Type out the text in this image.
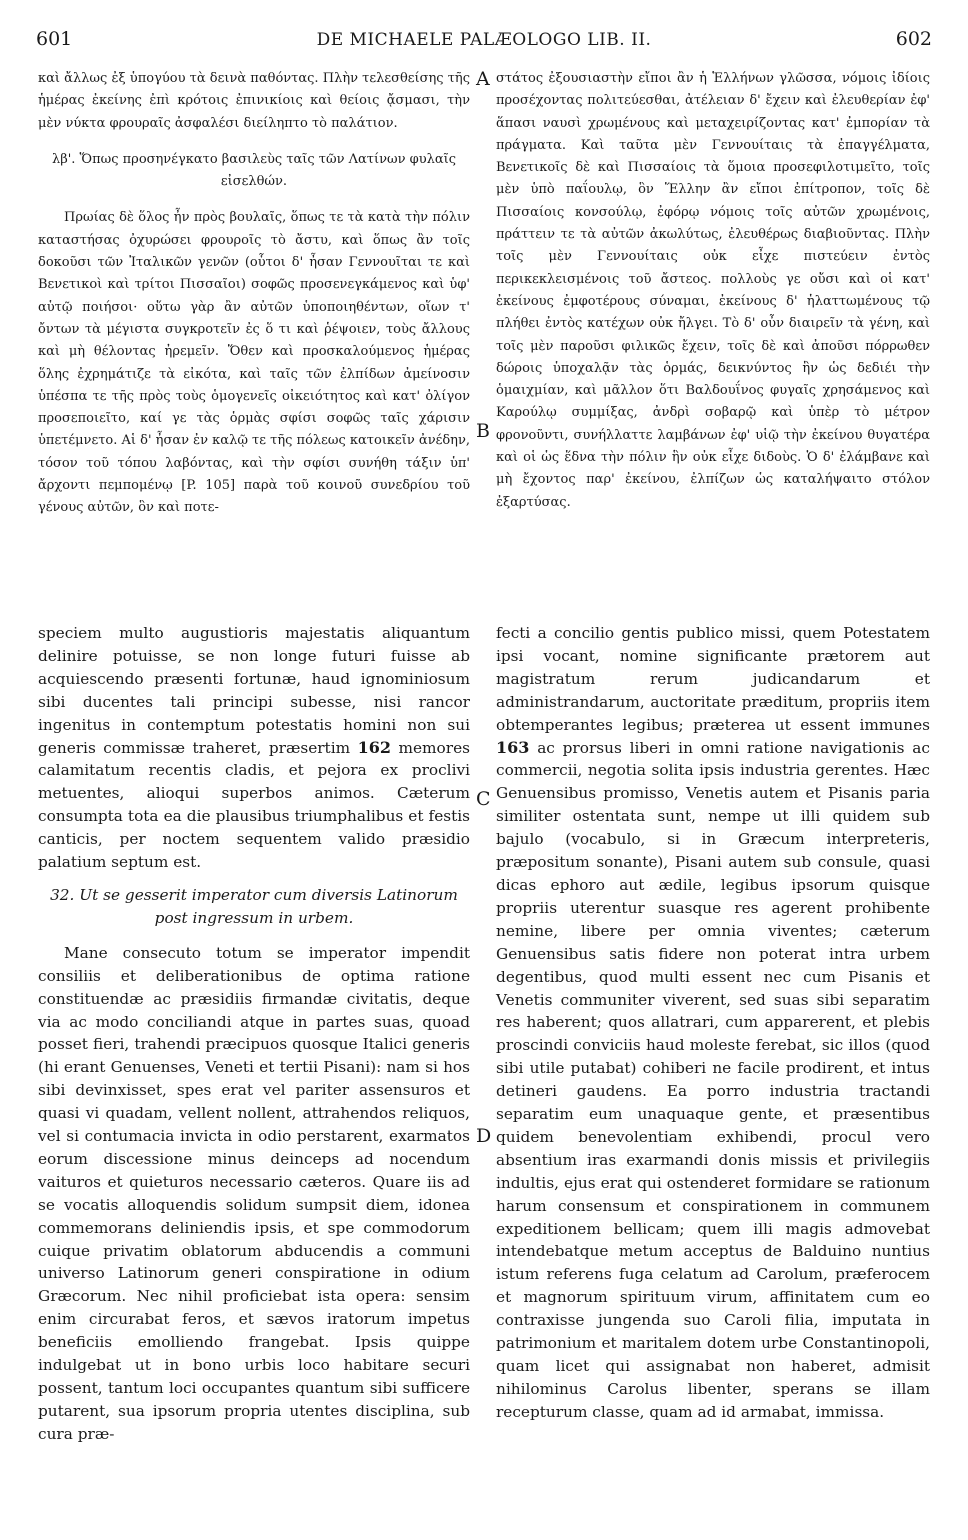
601	DE MICHAELE PALÆOLOGO LIB. II.	602

καὶ ἄλλως ἐξ ὑπογύου τὰ δεινὰ παθόντας. Πλὴν τελεσθείσης τῆς ἡμέρας ἐκείνης ἐπὶ κρότοις ἐπινικίοις καὶ θείοις ᾄσμασι, τὴν μὲν νύκτα φρουραῖς ἀσφαλέσι διείληπτο τὸ παλάτιον.

λβ'. Ὅπως προσηνέγκατο βασιλεὺς ταῖς τῶν Λατίνων φυλαῖς εἰσελθών.

Πρωίας δὲ ὅλος ἦν πρὸς βουλαῖς, ὅπως τε τὰ κατὰ τὴν πόλιν καταστήσας ὀχυρώσει φρουροῖς τὸ ἄστυ, καὶ ὅπως ἂν τοῖς δοκοῦσι τῶν Ἰταλικῶν γενῶν (οὗτοι δ' ἦσαν Γεννουῖται τε καὶ Βενετικοὶ καὶ τρίτοι Πισσαῖοι) σοφῶς προσενεγκάμενος καὶ ὑφ' αὑτῷ ποιήσοι· οὕτω γὰρ ἂν αὐτῶν ὑποποιηθέντων, οἵων τ' ὄντων τὰ μέγιστα συγκροτεῖν ἐς ὅ τι καὶ ῥέψοιεν, τοὺς ἄλλους καὶ μὴ θέλοντας ἠρεμεῖν. Ὅθεν καὶ προσκαλούμενος ἡμέρας ὅλης ἐχρημάτιζε τὰ εἰκότα, καὶ ταῖς τῶν ἐλπίδων ἀμείνοσιν ὑπέσπα τε τῆς πρὸς τοὺς ὁμογενεῖς οἰκειότητος καὶ κατ' ὀλίγον προσεποιεῖτο, καί γε τὰς ὁρμὰς σφίσι σοφῶς ταῖς χάρισιν ὑπετέμνετο. Αἱ δ' ἦσαν ἐν καλῷ τε τῆς πόλεως κατοικεῖν ἀνέδην, τόσον τοῦ τόπου λαβόντας, καὶ τὴν σφίσι συνήθη τάξιν ὑπ' ἄρχοντι πεμπομένῳ [P. 105] παρὰ τοῦ κοινοῦ συνεδρίου τοῦ γένους αὐτῶν, ὃν καὶ ποτε-

στάτος ἐξουσιαστὴν εἴποι ἂν ἡ Ἑλλήνων γλῶσσα, νόμοις ἰδίοις προσέχοντας πολιτεύεσθαι, ἀτέλειαν δ' ἔχειν καὶ ἐλευθερίαν ἐφ' ἅπασι ναυσὶ χρωμένους καὶ μεταχειρίζοντας κατ' ἐμπορίαν τὰ πράγματα. Καὶ ταῦτα μὲν Γεννουίταις τὰ ἐπαγγέλματα, Βενετικοῖς δὲ καὶ Πισσαίοις τὰ ὅμοια προσεφιλοτιμεῖτο, τοῖς μὲν ὑπὸ παΐουλῳ, ὃν Ἕλλην ἂν εἴποι ἐπίτροπον, τοῖς δὲ Πισσαίοις κονσούλῳ, ἐφόρῳ νόμοις τοῖς αὐτῶν χρωμένοις, πράττειν τε τὰ αὐτῶν ἀκωλύτως, ἐλευθέρως διαβιοῦντας. Πλὴν τοῖς μὲν Γεννουίταις οὐκ εἶχε πιστεύειν ἐντὸς περικεκλεισμένοις τοῦ ἄστεος. πολλοὺς γε οὔσι καὶ οἱ κατ' ἐκείνους ἐμφοτέρους σύναμαι, ἐκείνους δ' ἡλαττωμένους τῷ πλήθει ἐντὸς κατέχων οὐκ ἤλγει. Τὸ δ' οὖν διαιρεῖν τὰ γένη, καὶ τοῖς μὲν παροῦσι φιλικῶς ἔχειν, τοῖς δὲ καὶ ἀποῦσι πόρρωθεν δώροις ὑποχαλᾷν τὰς ὁρμάς, δεικνύντος ἣν ὡς δεδιέι τὴν ὁμαιχμίαν, καὶ μᾶλλον ὅτι Βαλδουΐνος φυγαῖς χρησάμενος καὶ Καρούλῳ συμμίξας, ἀνδρὶ σοβαρῷ καὶ ὑπὲρ τὸ μέτρον φρονοῦντι, συνήλλαττε λαμβάνων ἐφ' υἱῷ τὴν ἐκείνου θυγατέρα καὶ οἱ ὡς ἕδνα τὴν πόλιν ἣν οὐκ εἶχε διδοὺς. Ὁ δ' ἐλάμβανε καὶ μὴ ἔχοντος παρ' ἐκείνου, ἐλπίζων ὡς καταλήψαιτο στόλον ἐξαρτύσας.

speciem multo augustioris majestatis aliquantum delinire potuisse, se non longe futuri fuisse ab acquiescendo præsenti fortunæ, haud ignominiosum sibi ducentes tali principi subesse, nisi rancor ingenitus in contemptum potestatis homini non sui generis commissæ traheret, præsertim 162 memores calamitatum recentis cladis, et pejora ex proclivi metuentes, alioqui superbos animos. Cæterum consumpta tota ea die plausibus triumphalibus et festis canticis, per noctem sequentem valido præsidio palatium septum est.

32. Ut se gesserit imperator cum diversis Latinorum post ingressum in urbem.

Mane consecuto totum se imperator impendit consiliis et deliberationibus de optima ratione constituendæ ac præsidiis firmandæ civitatis, deque via ac modo conciliandi atque in partes suas, quoad posset fieri, trahendi præcipuos quosque Italici generis (hi erant Genuenses, Veneti et tertii Pisani): nam si hos sibi devinxisset, spes erat vel pariter assensuros et quasi vi quadam, vellent nollent, attrahendos reliquos, vel si contumacia invicta in odio perstarent, exarmatos eorum discessione minus deinceps ad nocendum vaituros et quieturos necessario cæteros. Quare iis ad se vocatis alloquendis solidum sumpsit diem, idonea commemorans deliniendis ipsis, et spe commodorum cuique privatim oblatorum abducendis a communi universo Latinorum generi conspiratione in odium Græcorum. Nec nihil proficiebat ista opera: sensim enim circurabat feros, et sævos iratorum impetus beneficiis emolliendo frangebat. Ipsis quippe indulgebat ut in bono urbis loco habitare securi possent, tantum loci occupantes quantum sibi sufficere putarent, sua ipsorum propria utentes disciplina, sub cura præ-

fecti a concilio gentis publico missi, quem Potestatem ipsi vocant, nomine significante prætorem aut magistratum rerum judicandarum et administrandarum, auctoritate præditum, propriis item obtemperantes legibus; præterea ut essent immunes 163 ac prorsus liberi in omni ratione navigationis ac commercii, negotia solita ipsis industria gerentes. Hæc Genuensibus promisso, Venetis autem et Pisanis paria similiter ostentata sunt, nempe ut illi quidem sub bajulo (vocabulo, si in Græcum interpreteris, præpositum sonante), Pisani autem sub consule, quasi dicas ephoro aut ædile, legibus ipsorum quisque propriis uterentur suasque res agerent prohibente nemine, libere per omnia viventes; cæterum Genuensibus satis fidere non poterat intra urbem degentibus, quod multi essent nec cum Pisanis et Venetis communiter viverent, sed suas sibi separatim res haberent; quos allatrari, cum apparerent, et plebis proscindi conviciis haud moleste ferebat, sic illos (quod sibi utile putabat) cohiberi ne facile prodirent, et intus detineri gaudens. Ea porro industria tractandi separatim eum unaquaque gente, et præsentibus quidem benevolentiam exhibendi, procul vero absentium iras exarmandi donis missis et privilegiis indultis, ejus erat qui ostenderet formidare se rationum harum consensum et conspirationem in communem expeditionem bellicam; quem illi magis admovebat intendebatque metum acceptus de Balduino nuntius istum referens fuga celatum ad Carolum, præferocem et magnorum spirituum virum, affinitatem cum eo contraxisse jungenda suo Caroli filia, imputata in patrimonium et maritalem dotem urbe Constantinopoli, quam licet qui assignabat non haberet, admisit nihilominus Carolus libenter, sperans se illam recepturum classe, quam ad id armabat, immissa.

A
B
C
D
